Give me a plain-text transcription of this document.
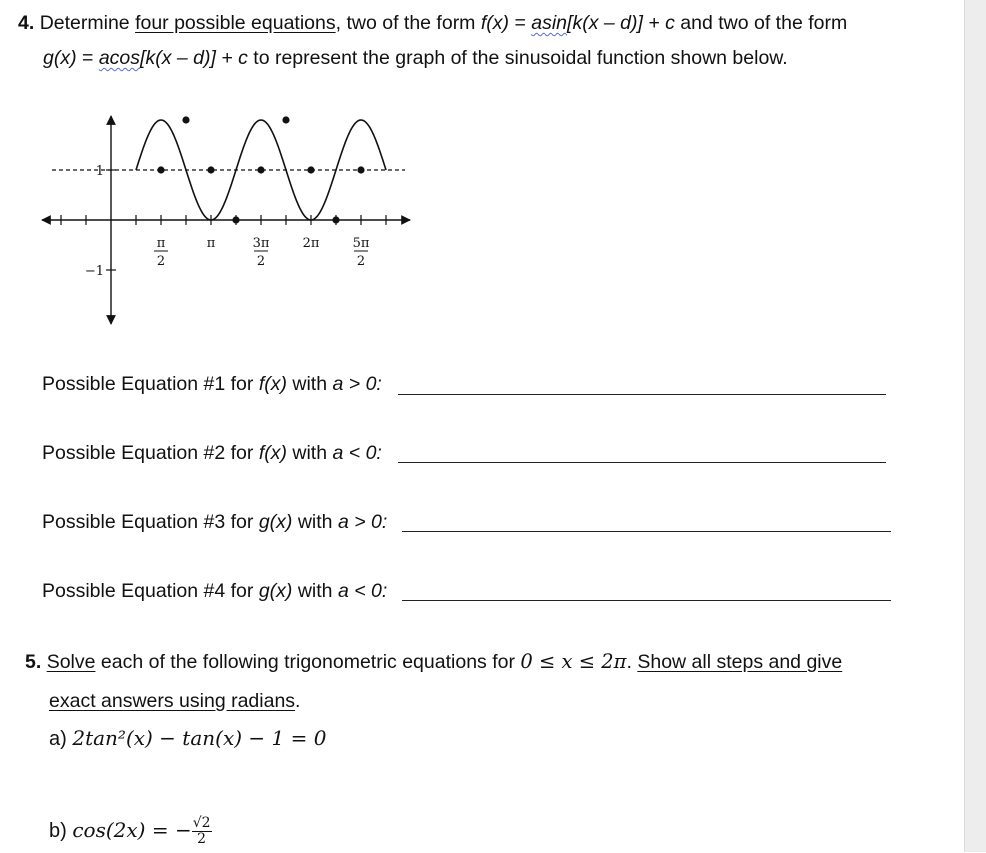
4. Determine four possible equations, two of the form f(x) = asin[k(x – d)] + c and two of the form
g(x) = acos[k(x – d)] + c to represent the graph of the sinusoidal function shown below.
π
2
π	3π
2
2π	5π
2
1
−1
Possible Equation #1 for f(x) with a > 0:
Possible Equation #2 for f(x) with a < 0:
Possible Equation #3 for g(x) with a > 0:
Possible Equation #4 for g(x) with a < 0:
5. Solve each of the following trigonometric equations for 0 ≤ x ≤ 2π. Show all steps and give
exact answers using radians.
a) 2tan²(x) − tan(x) − 1 = 0
b) cos(2x) = − $\frac{√2}{2}$
